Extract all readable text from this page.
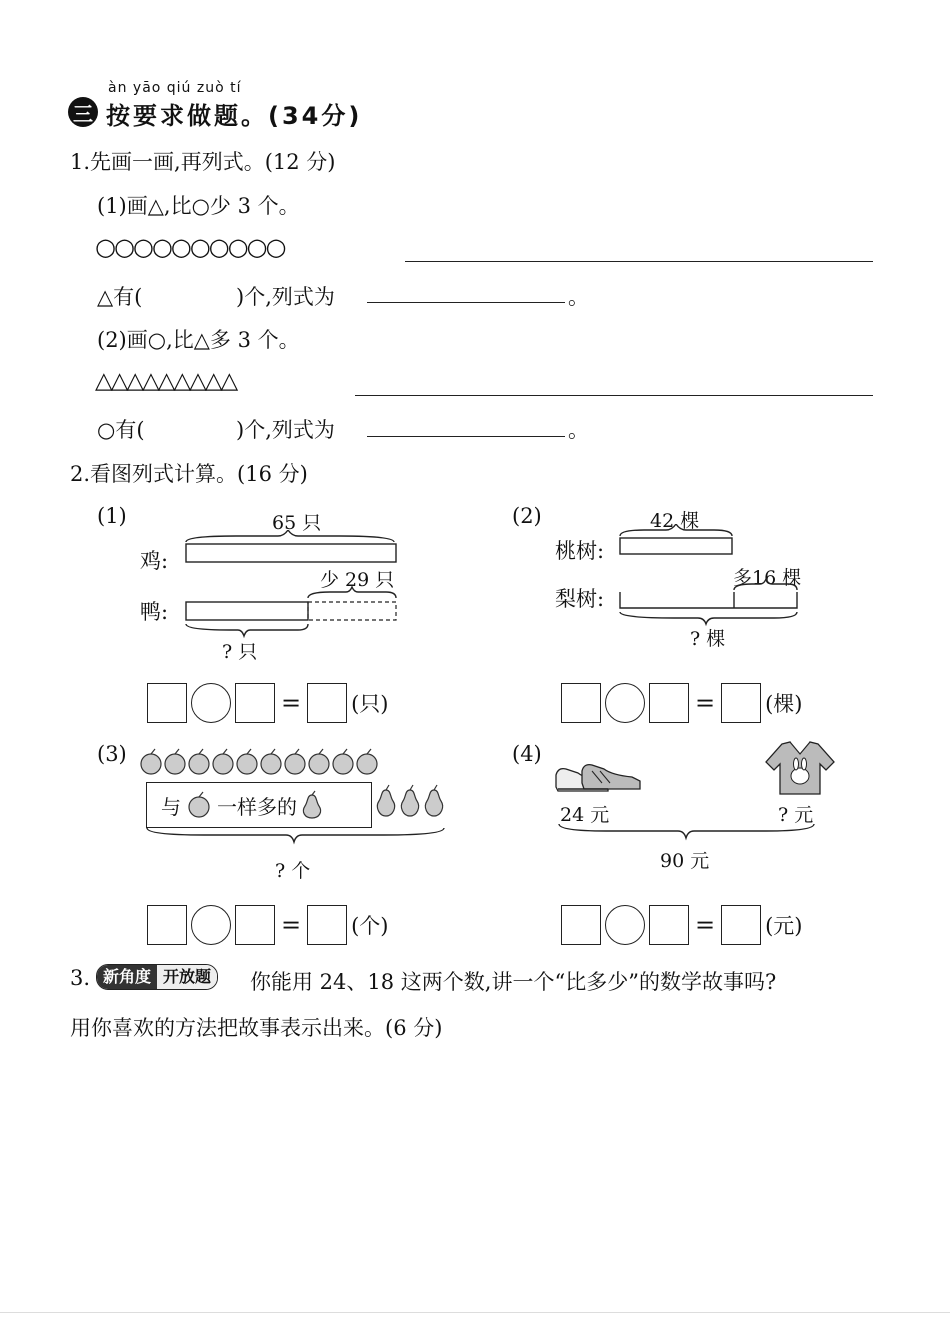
àn yāo qiú zuò tí
三 按要求做题。(34分)
1.先画一画,再列式。(12 分)
(1)画△,比○少 3 个。
○○○○○○○○○○
△有(	)个,列式为	。
(2)画○,比△多 3 个。
△△△△△△△△△
○有(	)个,列式为	。
2.看图列式计算。(16 分)
(1)	65 只
鸡:
少 29 只
鸭:
? 只
= (只)
(2)	42 棵
桃树:
多16 棵
梨树:
? 棵
= (棵)
(3)
与 一样多的
? 个
= (个)
(4)
24 元	? 元
90 元
= (元)
3. 新角度 开放题 你能用 24、18 这两个数,讲一个“比多少”的数学故事吗?
用你喜欢的方法把故事表示出来。(6 分)
